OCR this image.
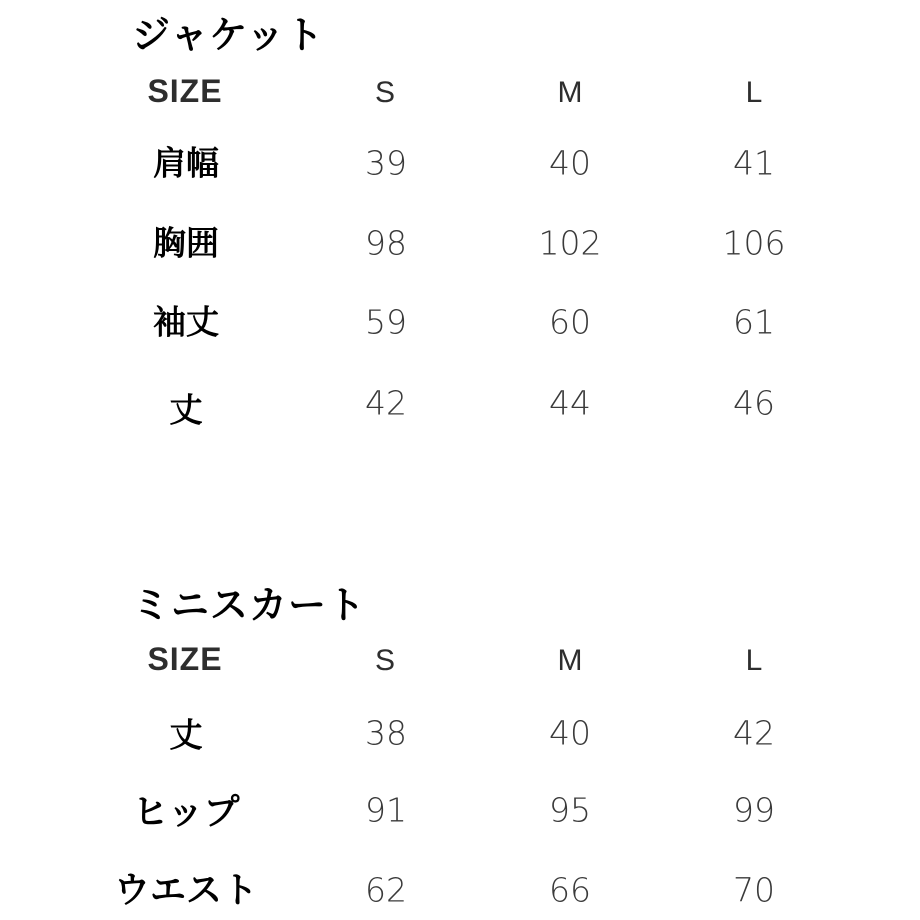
ジャケット
SIZE	S	M	L
肩幅	39	40	41
胸囲	98	102	106
袖丈	59	60	61
丈	42	44	46
ミニスカート
SIZE	S	M	L
丈	38	40	42
ヒップ	91	95	99
ウエスト	62	66	70
